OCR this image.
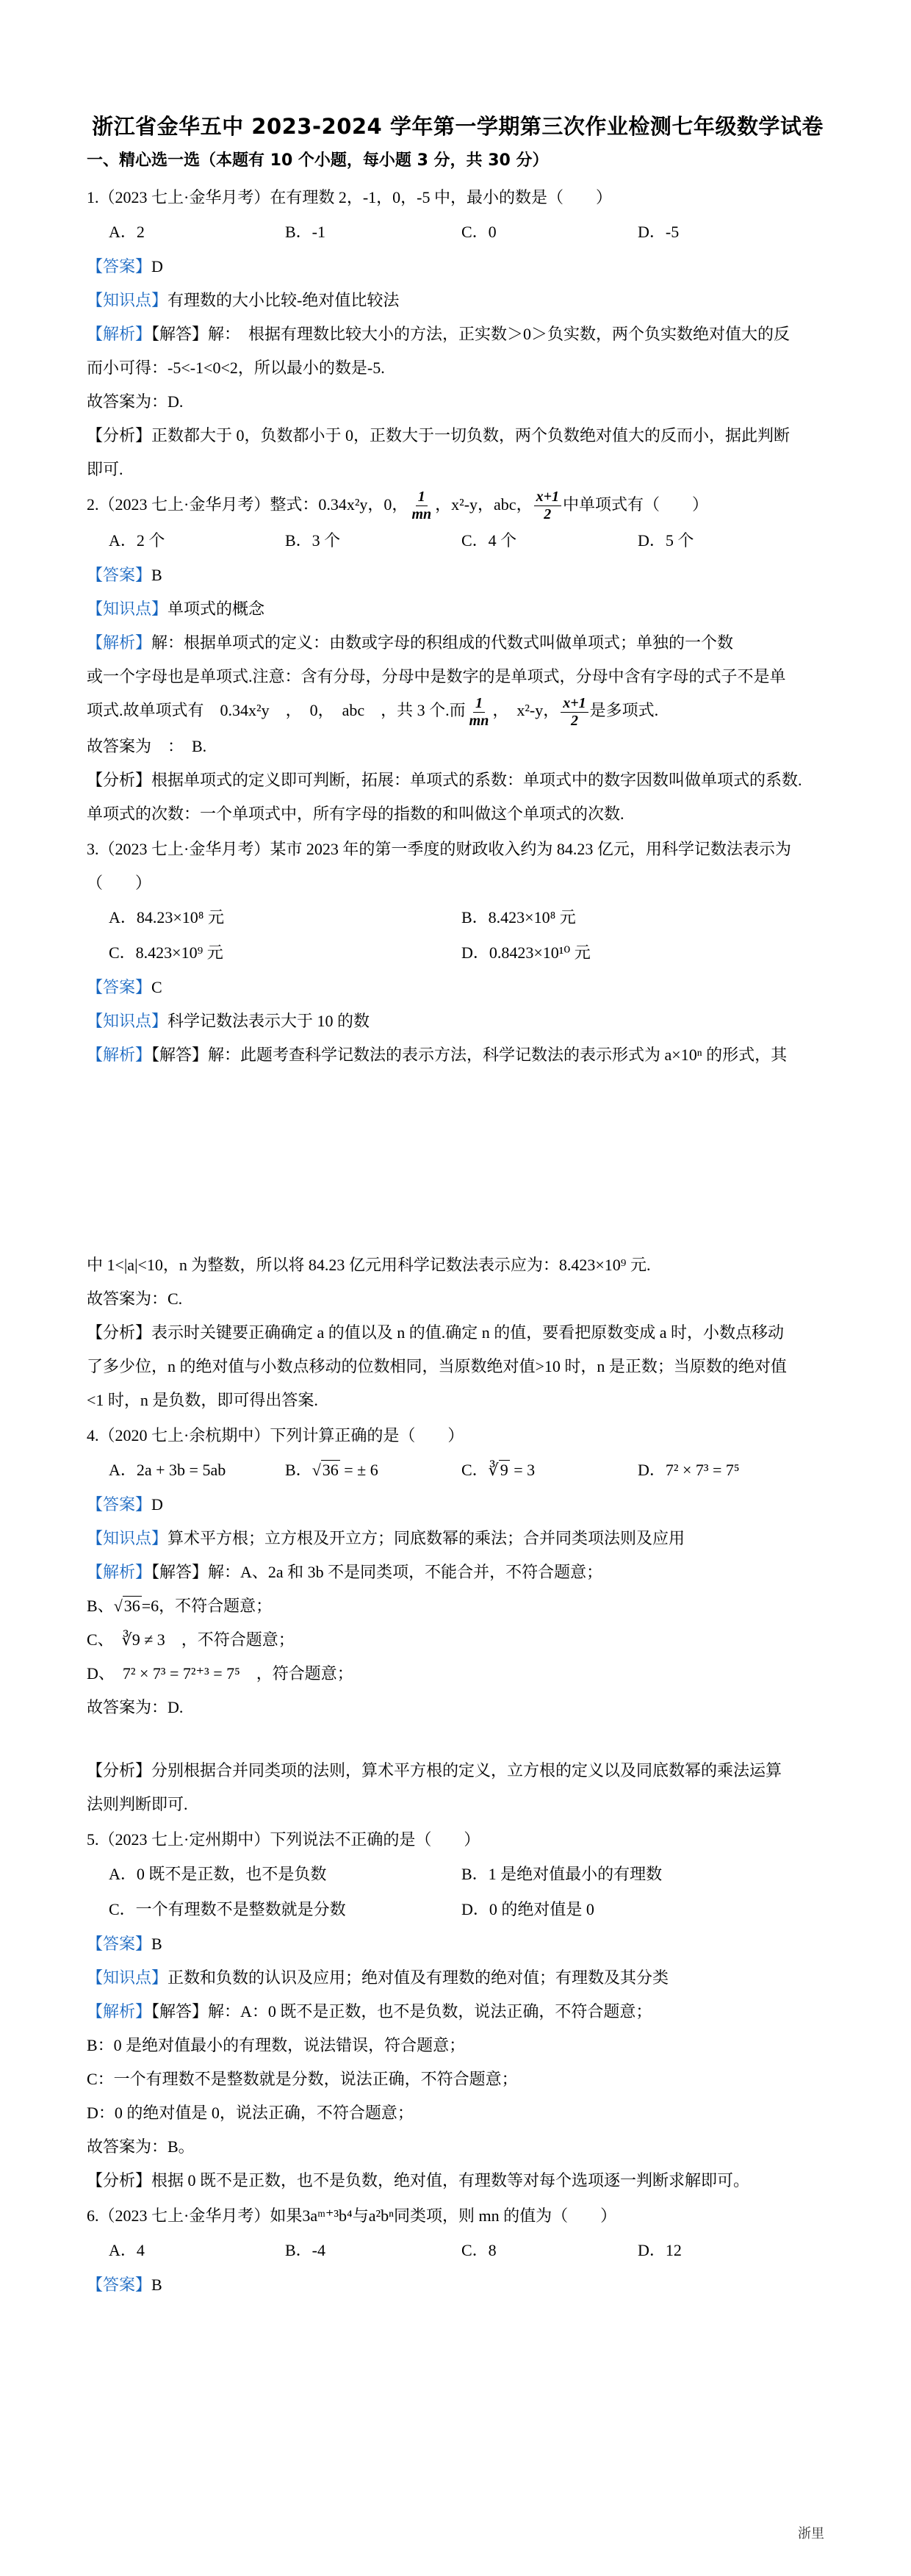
浙江省金华五中 2023-2024 学年第一学期第三次作业检测七年级数学试卷
一、精心选一选（本题有 10 个小题，每小题 3 分，共 30 分）

1.（2023 七上·金华月考）在有理数 2，-1，0，-5 中，最小的数是（　　）

A．2	B．-1	C．0	D．-5

【答案】D

【知识点】有理数的大小比较-绝对值比较法

【解析】【解答】解：　根据有理数比较大小的方法，正实数＞0＞负实数，两个负实数绝对值大的反

而小可得：-5<-1<0<2，所以最小的数是-5.

故答案为：D.

【分析】正数都大于 0，负数都小于 0，正数大于一切负数，两个负数绝对值大的反而小，据此判断

即可.

2.（2023 七上·金华月考）整式：0.34x²y，0， $\frac{1}{mn}$ ，x²-y，abc， $\frac{x+1}{2}$ 中单项式有（　　）

A．2 个	B．3 个	C．4 个	D．5 个

【答案】B

【知识点】单项式的概念

【解析】解：根据单项式的定义：由数或字母的积组成的代数式叫做单项式；单独的一个数

或一个字母也是单项式.注意：含有分母，分母中是数字的是单项式，分母中含有字母的式子不是单

项式.故单项式有　0.34x²y　，　0，　abc　，共 3 个.而 $\frac{1}{mn}$ ，　x²-y， $\frac{x+1}{2}$ 是多项式.

故答案为　：　B.

【分析】根据单项式的定义即可判断，拓展：单项式的系数：单项式中的数字因数叫做单项式的系数.

单项式的次数：一个单项式中，所有字母的指数的和叫做这个单项式的次数.

3.（2023 七上·金华月考）某市 2023 年的第一季度的财政收入约为 84.23 亿元，用科学记数法表示为

（　　）

A．84.23×10⁸ 元	B．8.423×10⁸ 元
C．8.423×10⁹ 元	D．0.8423×10¹⁰ 元

【答案】C

【知识点】科学记数法表示大于 10 的数

【解析】【解答】解：此题考查科学记数法的表示方法，科学记数法的表示形式为 a×10ⁿ 的形式，其

中 1<|a|<10，n 为整数，所以将 84.23 亿元用科学记数法表示应为：8.423×10⁹ 元.

故答案为：C.

【分析】表示时关键要正确确定 a 的值以及 n 的值.确定 n 的值，要看把原数变成 a 时，小数点移动

了多少位，n 的绝对值与小数点移动的位数相同，当原数绝对值>10 时，n 是正数；当原数的绝对值

<1 时，n 是负数，即可得出答案.

4.（2020 七上·余杭期中）下列计算正确的是（　　）

A．2a + 3b = 5ab	B．√36 = ± 6	C．∛9 = 3	D．7² × 7³ = 7⁵

【答案】D

【知识点】算术平方根；立方根及开立方；同底数幂的乘法；合并同类项法则及应用

【解析】【解答】解：A、2a 和 3b 不是同类项，不能合并，不符合题意；

B、√36=6，不符合题意；

C、　∛9 ≠ 3　，不符合题意；

D、　7² × 7³ = 7²⁺³ = 7⁵　，符合题意；

故答案为：D.

【分析】分别根据合并同类项的法则，算术平方根的定义，立方根的定义以及同底数幂的乘法运算

法则判断即可.

5.（2023 七上·定州期中）下列说法不正确的是（　　）

A．0 既不是正数，也不是负数	B．1 是绝对值最小的有理数
C．一个有理数不是整数就是分数	D．0 的绝对值是 0

【答案】B

【知识点】正数和负数的认识及应用；绝对值及有理数的绝对值；有理数及其分类

【解析】【解答】解：A：0 既不是正数，也不是负数，说法正确，不符合题意；

B：0 是绝对值最小的有理数，说法错误，符合题意；

C：一个有理数不是整数就是分数，说法正确，不符合题意；

D：0 的绝对值是 0，说法正确，不符合题意；

故答案为：B。

【分析】根据 0 既不是正数，也不是负数，绝对值，有理数等对每个选项逐一判断求解即可。

6.（2023 七上·金华月考）如果3aᵐ⁺³b⁴与a²bⁿ同类项，则 mn 的值为（　　）

A．4	B．-4	C．8	D．12

【答案】B

浙里
